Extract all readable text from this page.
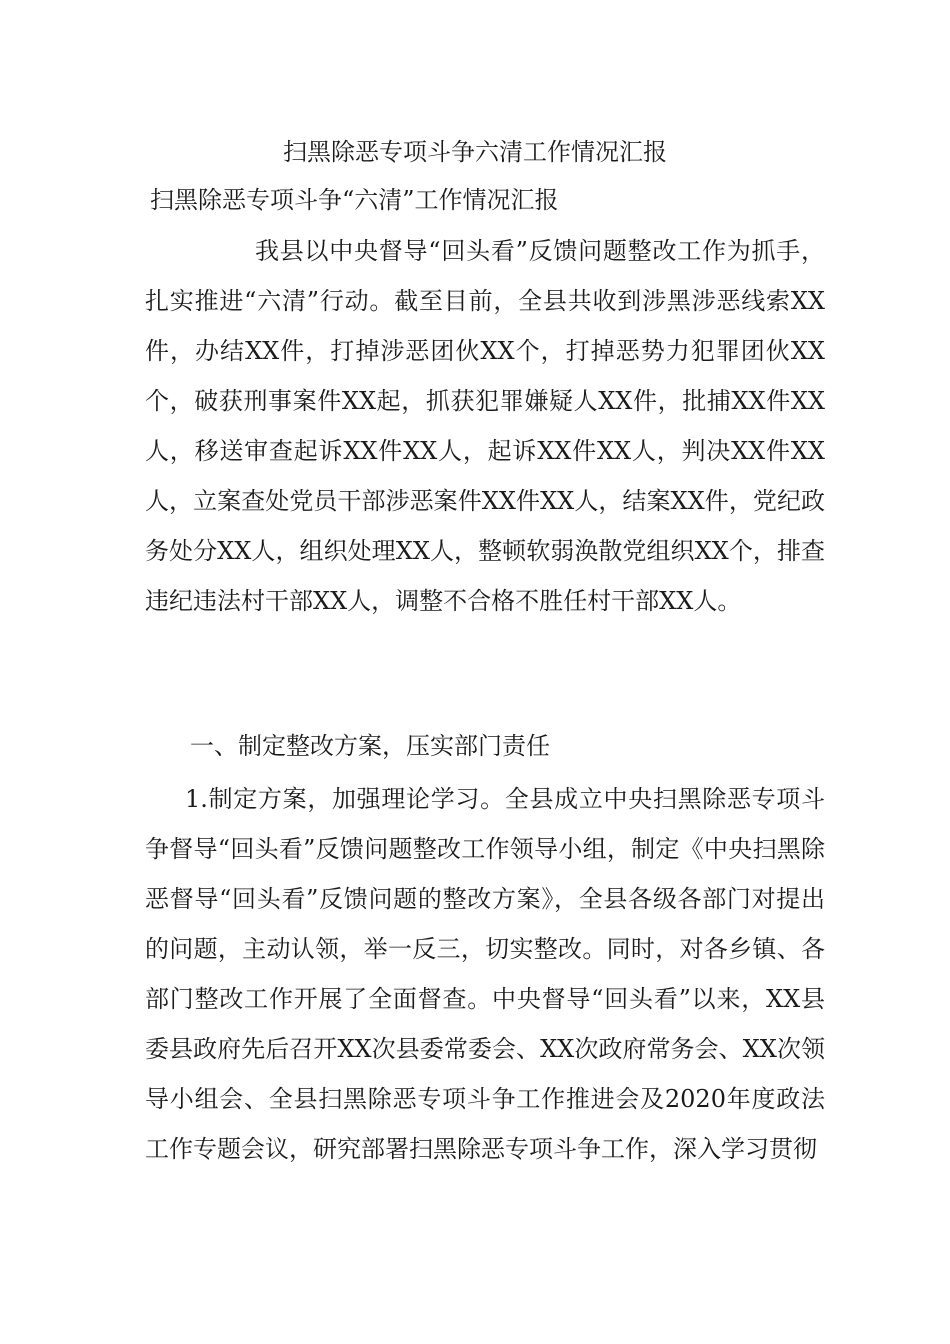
扫黑除恶专项斗争六清工作情况汇报
扫黑除恶专项斗争“六清”工作情况汇报

我县以中央督导“回头看”反馈问题整改工作为抓手，扎实推进“六清”行动。截至目前，全县共收到涉黑涉恶线索XX件，办结XX件，打掉涉恶团伙XX个，打掉恶势力犯罪团伙XX个，破获刑事案件XX起，抓获犯罪嫌疑人XX件，批捕XX件XX人，移送审查起诉XX件XX人，起诉XX件XX人，判决XX件XX人，立案查处党员干部涉恶案件XX件XX人，结案XX件，党纪政务处分XX人，组织处理XX人，整顿软弱涣散党组织XX个，排查违纪违法村干部XX人，调整不合格不胜任村干部XX人。

一、制定整改方案，压实部门责任

1.制定方案，加强理论学习。全县成立中央扫黑除恶专项斗争督导“回头看”反馈问题整改工作领导小组，制定《中央扫黑除恶督导“回头看”反馈问题的整改方案》，全县各级各部门对提出的问题，主动认领，举一反三，切实整改。同时，对各乡镇、各部门整改工作开展了全面督查。中央督导“回头看”以来，XX县委县政府先后召开XX次县委常委会、XX次政府常务会、XX次领导小组会、全县扫黑除恶专项斗争工作推进会及2020年度政法工作专题会议，研究部署扫黑除恶专项斗争工作，深入学习贯彻
